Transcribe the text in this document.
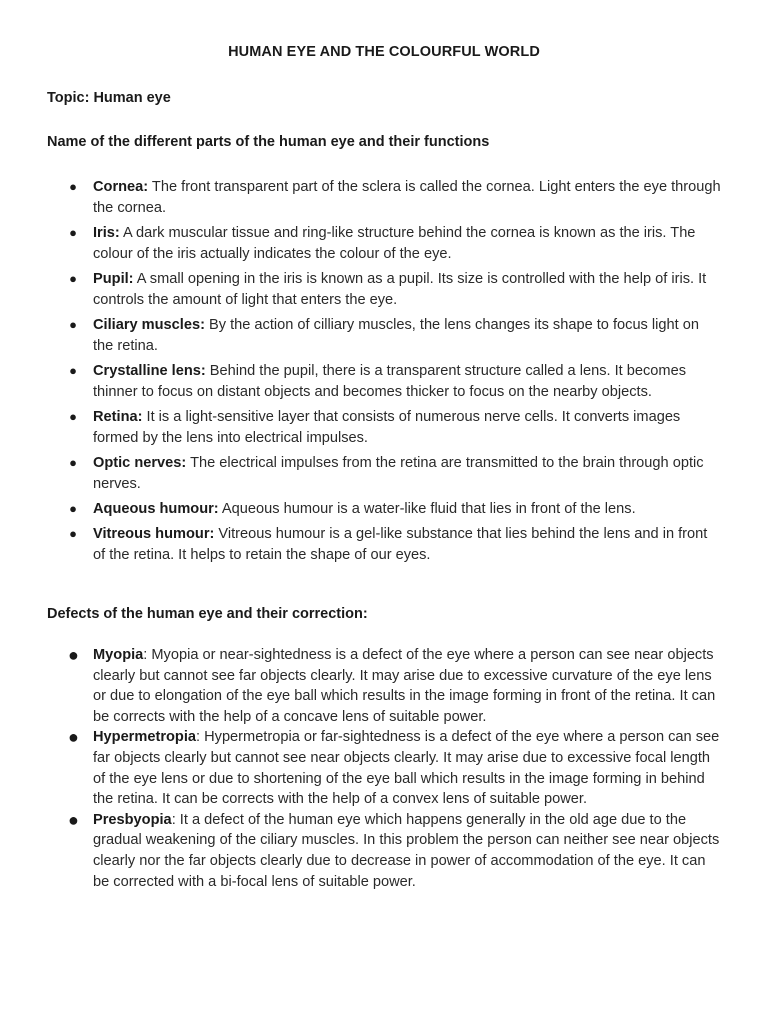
HUMAN EYE AND THE COLOURFUL WORLD
Topic: Human eye
Name of the different parts of the human eye and their functions
● Cornea: The front transparent part of the sclera is called the cornea. Light enters the eye through the cornea.
● Iris: A dark muscular tissue and ring-like structure behind the cornea is known as the iris. The colour of the iris actually indicates the colour of the eye.
● Pupil: A small opening in the iris is known as a pupil. Its size is controlled with the help of iris. It controls the amount of light that enters the eye.
● Ciliary muscles: By the action of cilliary muscles, the lens changes its shape to focus light on the retina.
● Crystalline lens: Behind the pupil, there is a transparent structure called a lens. It becomes thinner to focus on distant objects and becomes thicker to focus on the nearby objects.
● Retina: It is a light-sensitive layer that consists of numerous nerve cells. It converts images formed by the lens into electrical impulses.
● Optic nerves: The electrical impulses from the retina are transmitted to the brain through optic nerves.
● Aqueous humour: Aqueous humour is a water-like fluid that lies in front of the lens.
● Vitreous humour: Vitreous humour is a gel-like substance that lies behind the lens and in front of the retina. It helps to retain the shape of our eyes.
Defects of the human eye and their correction:
● Myopia: Myopia or near-sightedness is a defect of the eye where a person can see near objects clearly but cannot see far objects clearly. It may arise due to excessive curvature of the eye lens or due to elongation of the eye ball which results in the image forming in front of the retina. It can be corrects with the help of a concave lens of suitable power.
● Hypermetropia: Hypermetropia or far-sightedness is a defect of the eye where a person can see far objects clearly but cannot see near objects clearly. It may arise due to excessive focal length of the eye lens or due to shortening of the eye ball which results in the image forming in behind the retina. It can be corrects with the help of a convex lens of suitable power.
● Presbyopia: It a defect of the human eye which happens generally in the old age due to the gradual weakening of the ciliary muscles. In this problem the person can neither see near objects clearly nor the far objects clearly due to decrease in power of accommodation of the eye. It can be corrected with a bi-focal lens of suitable power.
